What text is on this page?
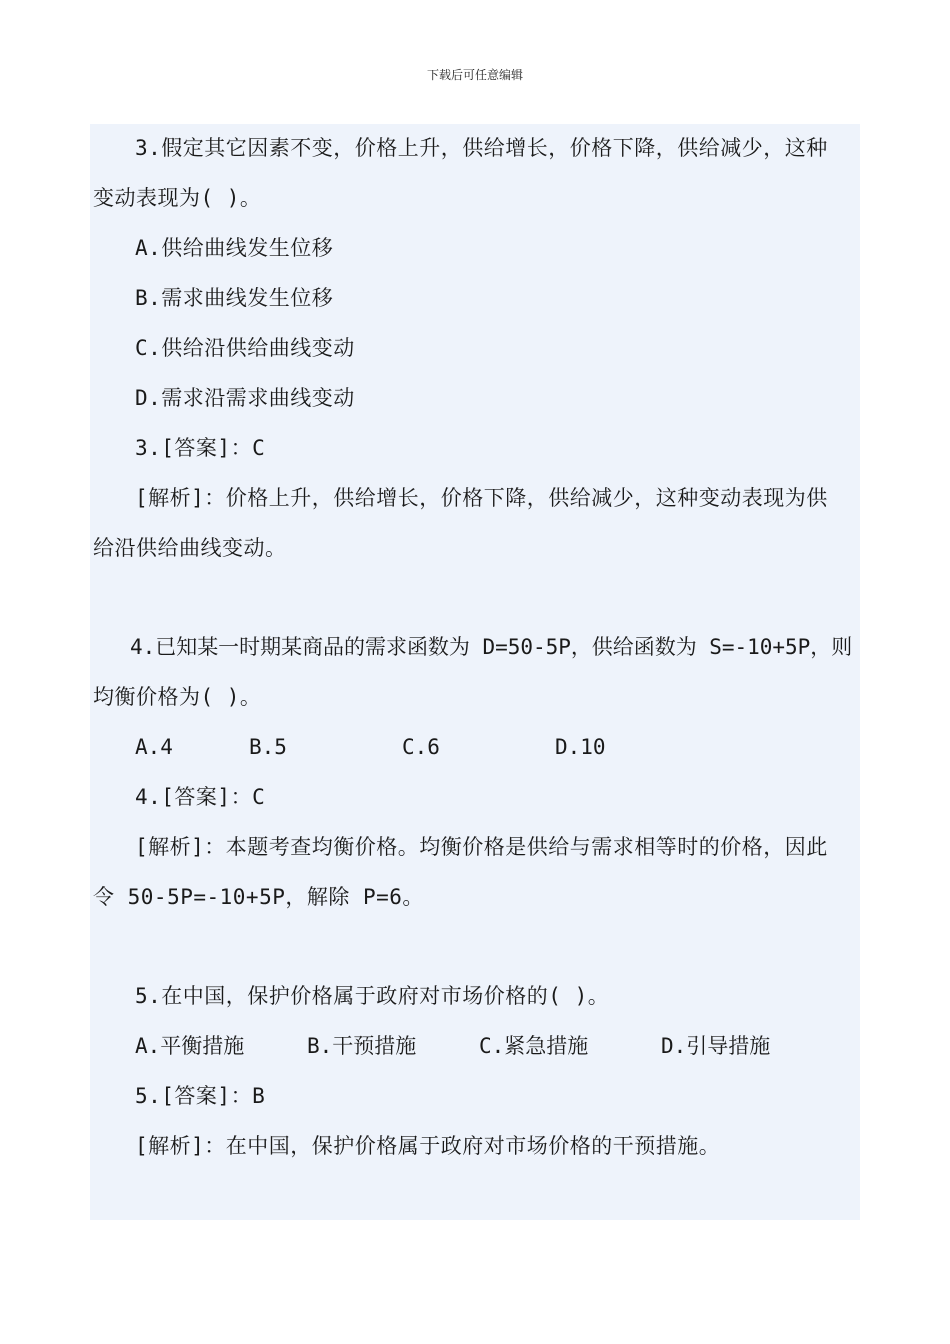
下载后可任意编辑
3.假定其它因素不变，价格上升，供给增长，价格下降，供给减少，这种
变动表现为( )。
A.供给曲线发生位移
B.需求曲线发生位移
C.供给沿供给曲线变动
D.需求沿需求曲线变动
3.[答案]：C
[解析]：价格上升，供给增长，价格下降，供给减少，这种变动表现为供
给沿供给曲线变动。
4.已知某一时期某商品的需求函数为 D=50-5P，供给函数为 S=-10+5P，则
均衡价格为( )。
A.4	B.5	C.6	D.10
4.[答案]：C
[解析]：本题考查均衡价格。均衡价格是供给与需求相等时的价格，因此
令 50-5P=-10+5P，解除 P=6。
5.在中国，保护价格属于政府对市场价格的( )。
A.平衡措施	B.干预措施	C.紧急措施	D.引导措施
5.[答案]：B
[解析]：在中国，保护价格属于政府对市场价格的干预措施。
